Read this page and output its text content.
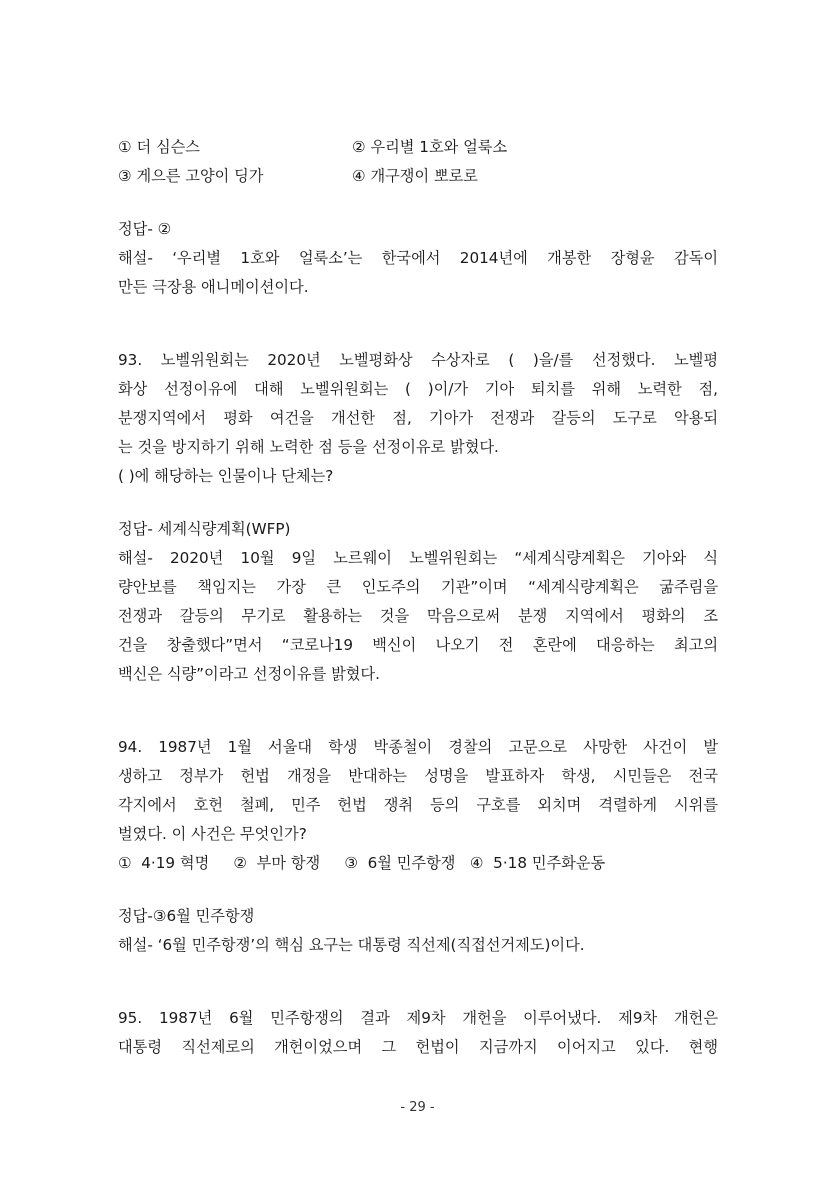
① 더 심슨스	② 우리별 1호와 얼룩소
③ 게으른 고양이 딩가	④ 개구쟁이 뽀로로
정답- ②
해설- ‘우리별 1호와 얼룩소’는 한국에서 2014년에 개봉한 장형윤 감독이
만든 극장용 애니메이션이다.
93. 노벨위원회는 2020년 노벨평화상 수상자로 ( )을/를 선정했다. 노벨평
화상 선정이유에 대해 노벨위원회는 ( )이/가 기아 퇴치를 위해 노력한 점,
분쟁지역에서 평화 여건을 개선한 점, 기아가 전쟁과 갈등의 도구로 악용되
는 것을 방지하기 위해 노력한 점 등을 선정이유로 밝혔다.
( )에 해당하는 인물이나 단체는?
정답- 세계식량계획(WFP)
해설- 2020년 10월 9일 노르웨이 노벨위원회는 “세계식량계획은 기아와 식
량안보를 책임지는 가장 큰 인도주의 기관”이며 “세계식량계획은 굶주림을
전쟁과 갈등의 무기로 활용하는 것을 막음으로써 분쟁 지역에서 평화의 조
건을 창출했다”면서 “코로나19 백신이 나오기 전 혼란에 대응하는 최고의
백신은 식량”이라고 선정이유를 밝혔다.
94. 1987년 1월 서울대 학생 박종철이 경찰의 고문으로 사망한 사건이 발
생하고 정부가 헌법 개정을 반대하는 성명을 발표하자 학생, 시민들은 전국
각지에서 호헌 철폐, 민주 헌법 쟁취 등의 구호를 외치며 격렬하게 시위를
벌였다. 이 사건은 무엇인가?
①  4·19 혁명     ②  부마 항쟁     ③  6월 민주항쟁   ④  5·18 민주화운동
정답-③6월 민주항쟁
해설- ‘6월 민주항쟁’의 핵심 요구는 대통령 직선제(직접선거제도)이다.
95. 1987년 6월 민주항쟁의 결과 제9차 개헌을 이루어냈다. 제9차 개헌은
대통령 직선제로의 개헌이었으며 그 헌법이 지금까지 이어지고 있다. 현행
- 29 -
